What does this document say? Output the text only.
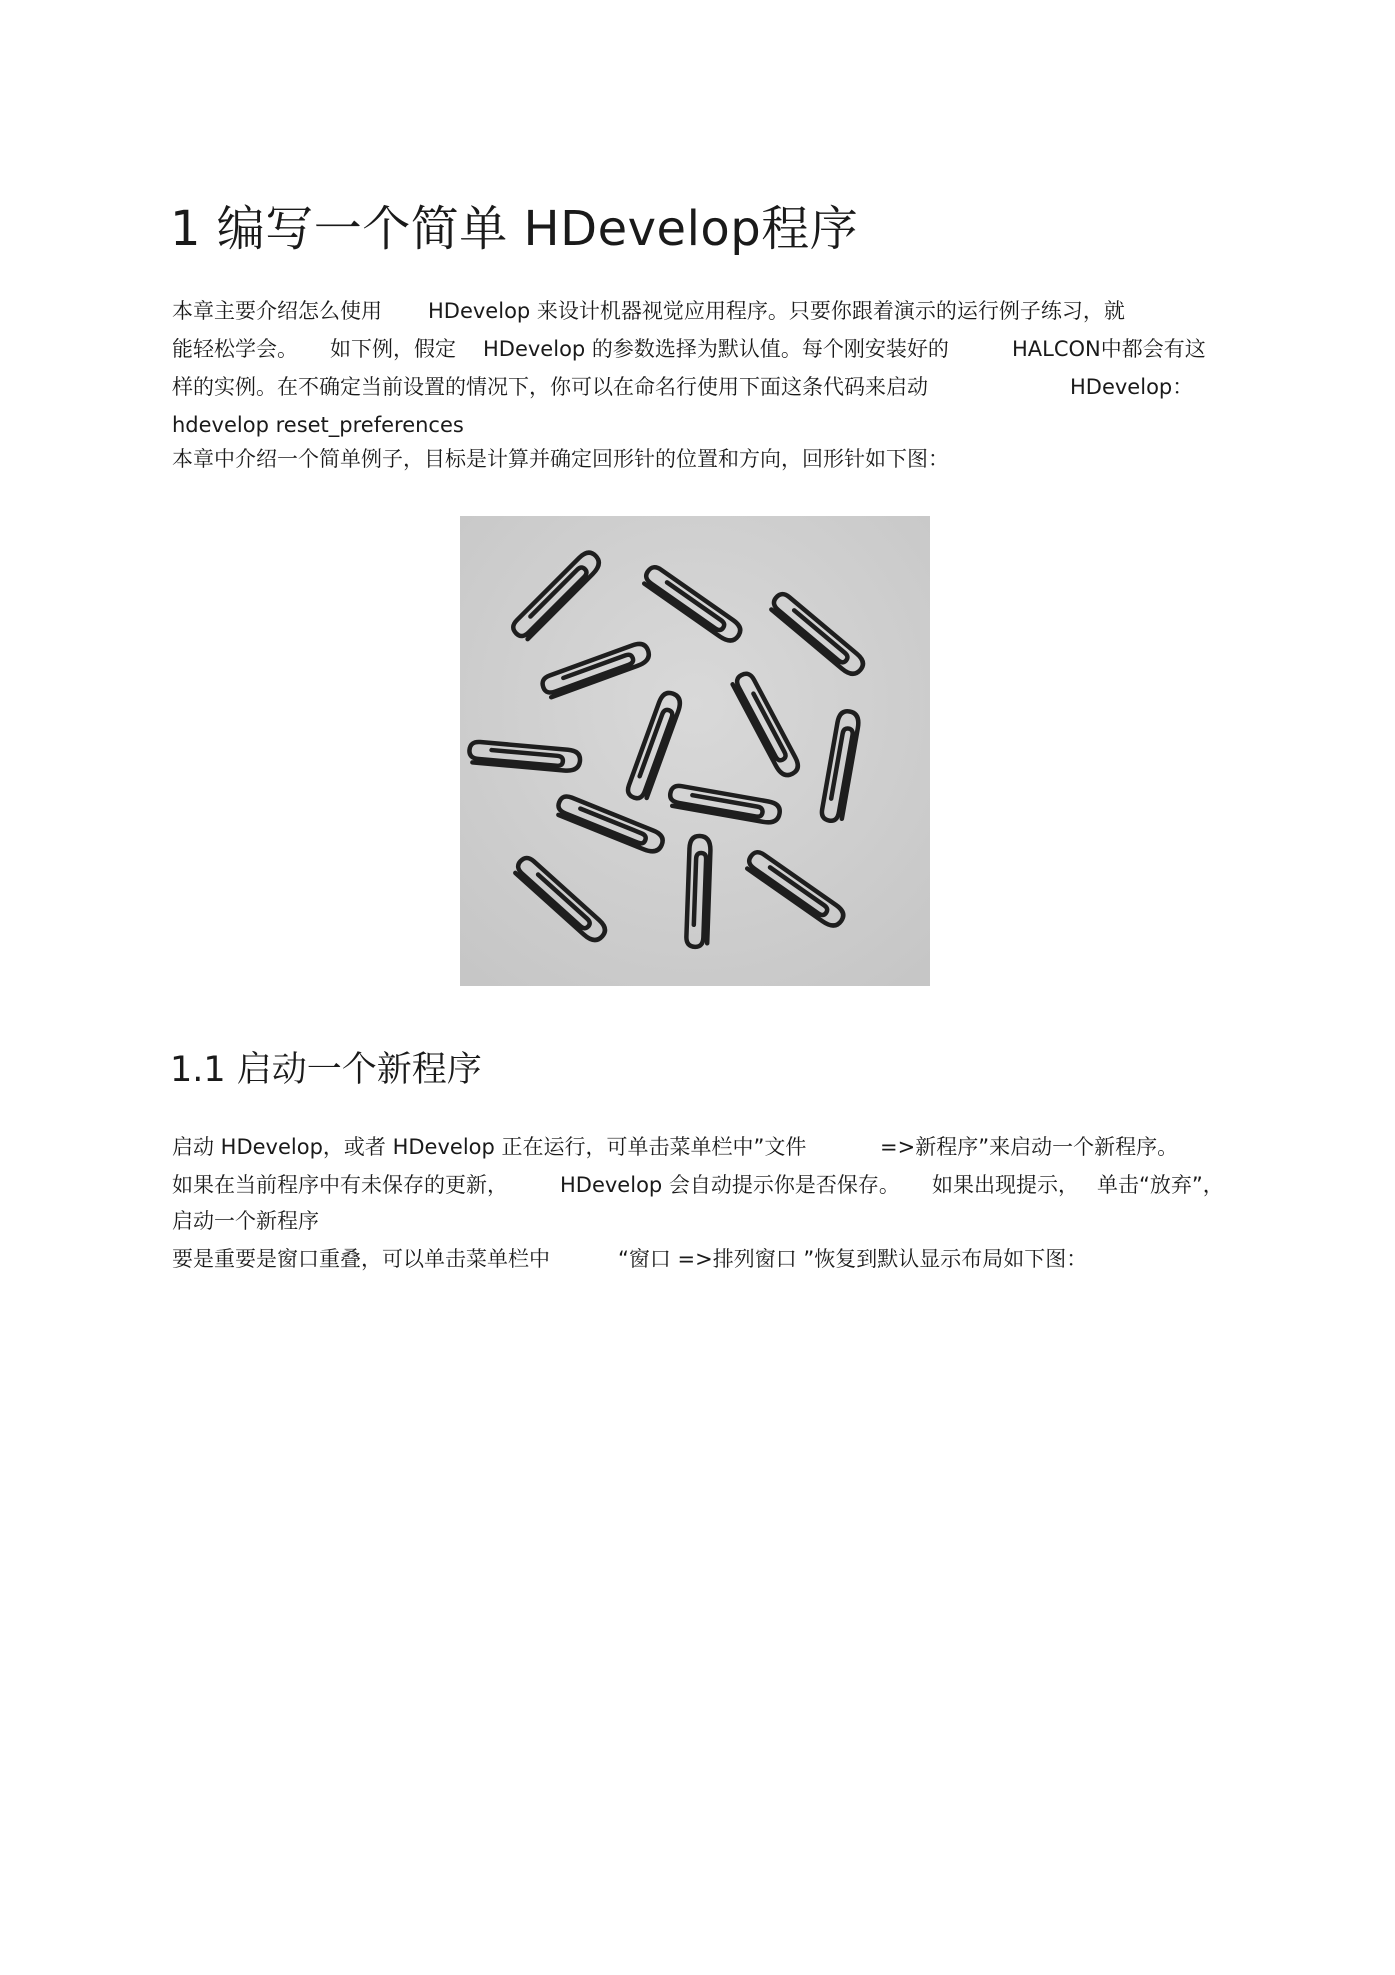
1 编写一个简单 HDevelop程序
本章主要介绍怎么使用 HDevelop 来设计机器视觉应用程序。只要你跟着演示的运行例子练习，就
能轻松学会。 如下例，假定 HDevelop 的参数选择为默认值。每个刚安装好的	HALCON中都会有这
样的实例。在不确定当前设置的情况下，你可以在命名行使用下面这条代码来启动	HDevelop：
hdevelop reset_preferences
本章中介绍一个简单例子，目标是计算并确定回形针的位置和方向，回形针如下图：
1.1 启动一个新程序
启动 HDevelop，或者 HDevelop 正在运行，可单击菜单栏中”文件	=>新程序”来启动一个新程序。
如果在当前程序中有未保存的更新， HDevelop 会自动提示你是否保存。 如果出现提示， 单击“放弃”，
启动一个新程序
要是重要是窗口重叠，可以单击菜单栏中	“窗口 =>排列窗口 ”恢复到默认显示布局如下图：
